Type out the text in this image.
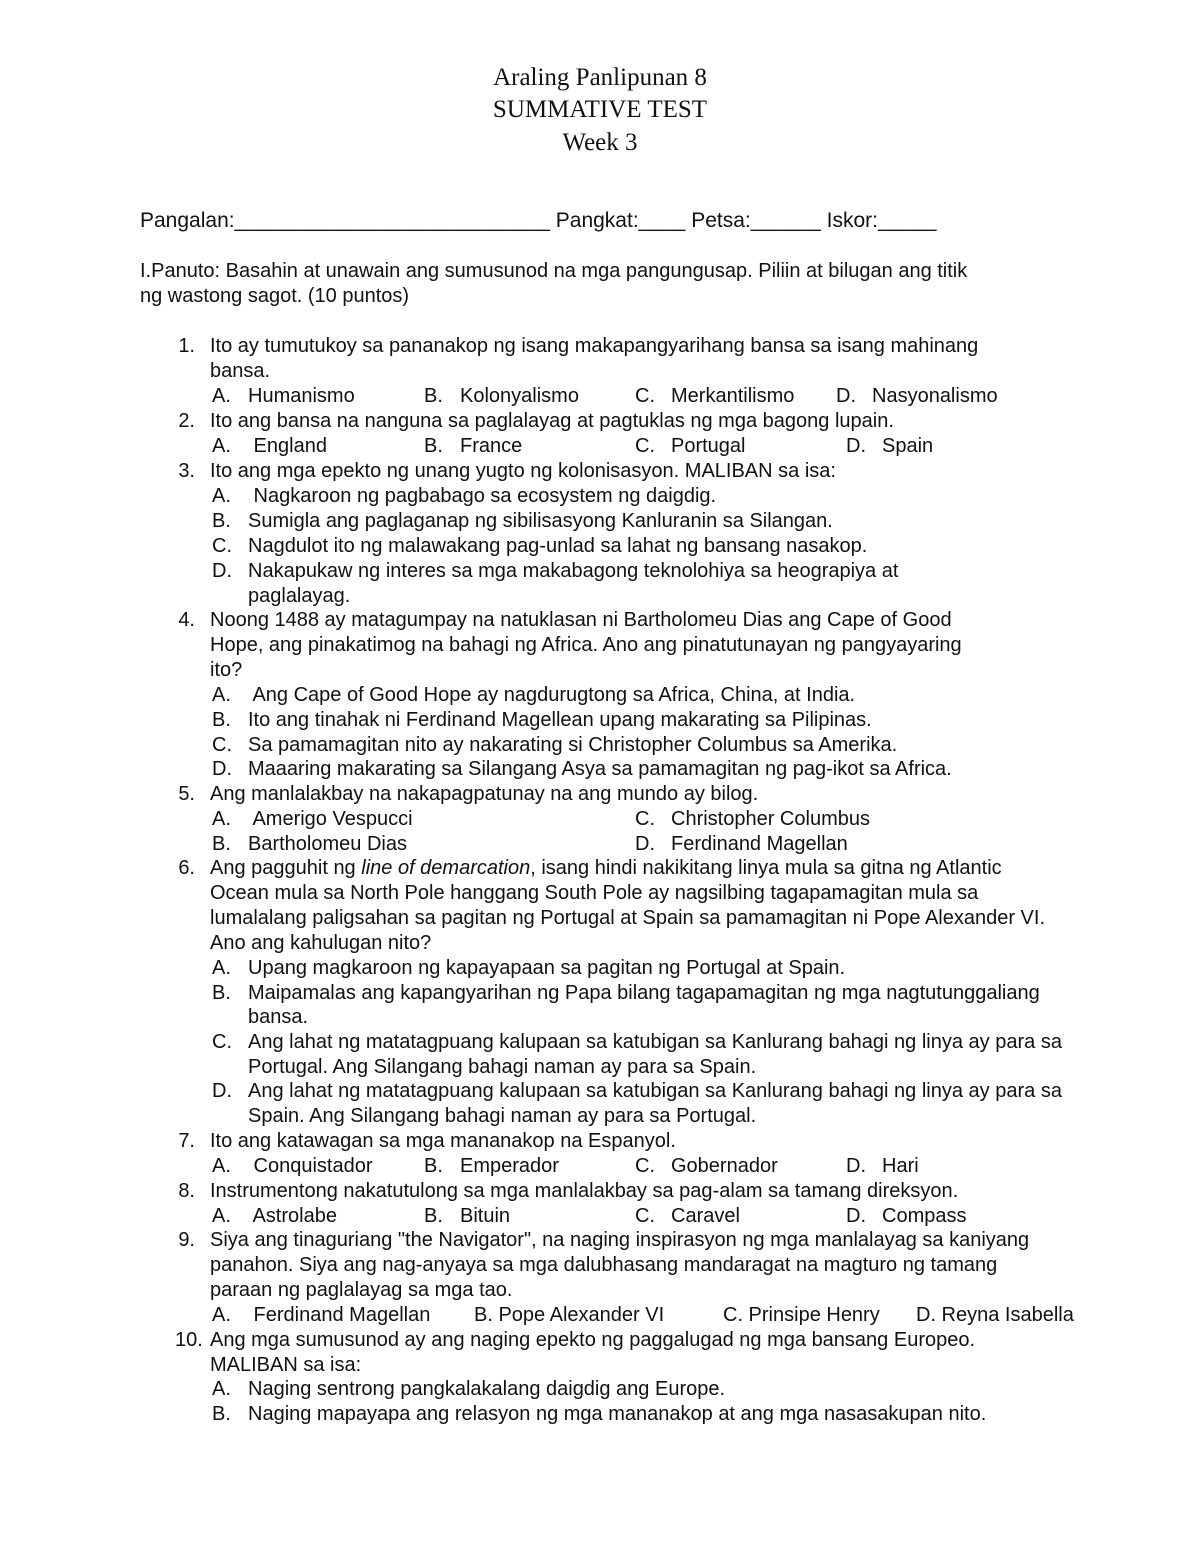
Araling Panlipunan 8
SUMMATIVE TEST
Week 3
Pangalan:___________________________ Pangkat:____ Petsa:______ Iskor:_____
I.Panuto: Basahin at unawain ang sumusunod na mga pangungusap. Piliin at bilugan ang titik
ng wastong sagot. (10 puntos)
1. Ito ay tumutukoy sa pananakop ng isang makapangyarihang bansa sa isang mahinang
bansa.
A. Humanismo	B. Kolonyalismo	C. Merkantilismo D. Nasyonalismo
2. Ito ang bansa na nanguna sa paglalayag at pagtuklas ng mga bagong lupain.
A. England	B. France	C. Portugal	D. Spain
3. Ito ang mga epekto ng unang yugto ng kolonisasyon. MALIBAN sa isa:
A. Nagkaroon ng pagbabago sa ecosystem ng daigdig.
B. Sumigla ang paglaganap ng sibilisasyong Kanluranin sa Silangan.
C. Nagdulot ito ng malawakang pag-unlad sa lahat ng bansang nasakop.
D. Nakapukaw ng interes sa mga makabagong teknolohiya sa heograpiya at
paglalayag.
4. Noong 1488 ay matagumpay na natuklasan ni Bartholomeu Dias ang Cape of Good
Hope, ang pinakatimog na bahagi ng Africa. Ano ang pinatutunayan ng pangyayaring
ito?
A. Ang Cape of Good Hope ay nagdurugtong sa Africa, China, at India.
B. Ito ang tinahak ni Ferdinand Magellean upang makarating sa Pilipinas.
C. Sa pamamagitan nito ay nakarating si Christopher Columbus sa Amerika.
D. Maaaring makarating sa Silangang Asya sa pamamagitan ng pag-ikot sa Africa.
5. Ang manlalakbay na nakapagpatunay na ang mundo ay bilog.
A. Amerigo Vespucci	C. Christopher Columbus
B. Bartholomeu Dias	D. Ferdinand Magellan
6. Ang pagguhit ng line of demarcation, isang hindi nakikitang linya mula sa gitna ng Atlantic
Ocean mula sa North Pole hanggang South Pole ay nagsilbing tagapamagitan mula sa
lumalalang paligsahan sa pagitan ng Portugal at Spain sa pamamagitan ni Pope Alexander VI.
Ano ang kahulugan nito?
A. Upang magkaroon ng kapayapaan sa pagitan ng Portugal at Spain.
B. Maipamalas ang kapangyarihan ng Papa bilang tagapamagitan ng mga nagtutunggaliang
bansa.
C. Ang lahat ng matatagpuang kalupaan sa katubigan sa Kanlurang bahagi ng linya ay para sa
Portugal. Ang Silangang bahagi naman ay para sa Spain.
D. Ang lahat ng matatagpuang kalupaan sa katubigan sa Kanlurang bahagi ng linya ay para sa
Spain. Ang Silangang bahagi naman ay para sa Portugal.
7. Ito ang katawagan sa mga mananakop na Espanyol.
A. Conquistador	B. Emperador	C. Gobernador	D. Hari
8. Instrumentong nakatutulong sa mga manlalakbay sa pag-alam sa tamang direksyon.
A. Astrolabe	B. Bituin	C. Caravel	D. Compass
9. Siya ang tinaguriang "the Navigator", na naging inspirasyon ng mga manlalayag sa kaniyang
panahon. Siya ang nag-anyaya sa mga dalubhasang mandaragat na magturo ng tamang
paraan ng paglalayag sa mga tao.
A. Ferdinand Magellan B. Pope Alexander VI	C. Prinsipe Henry D. Reyna Isabella
10. Ang mga sumusunod ay ang naging epekto ng paggalugad ng mga bansang Europeo.
MALIBAN sa isa:
A. Naging sentrong pangkalakalang daigdig ang Europe.
B. Naging mapayapa ang relasyon ng mga mananakop at ang mga nasasakupan nito.
